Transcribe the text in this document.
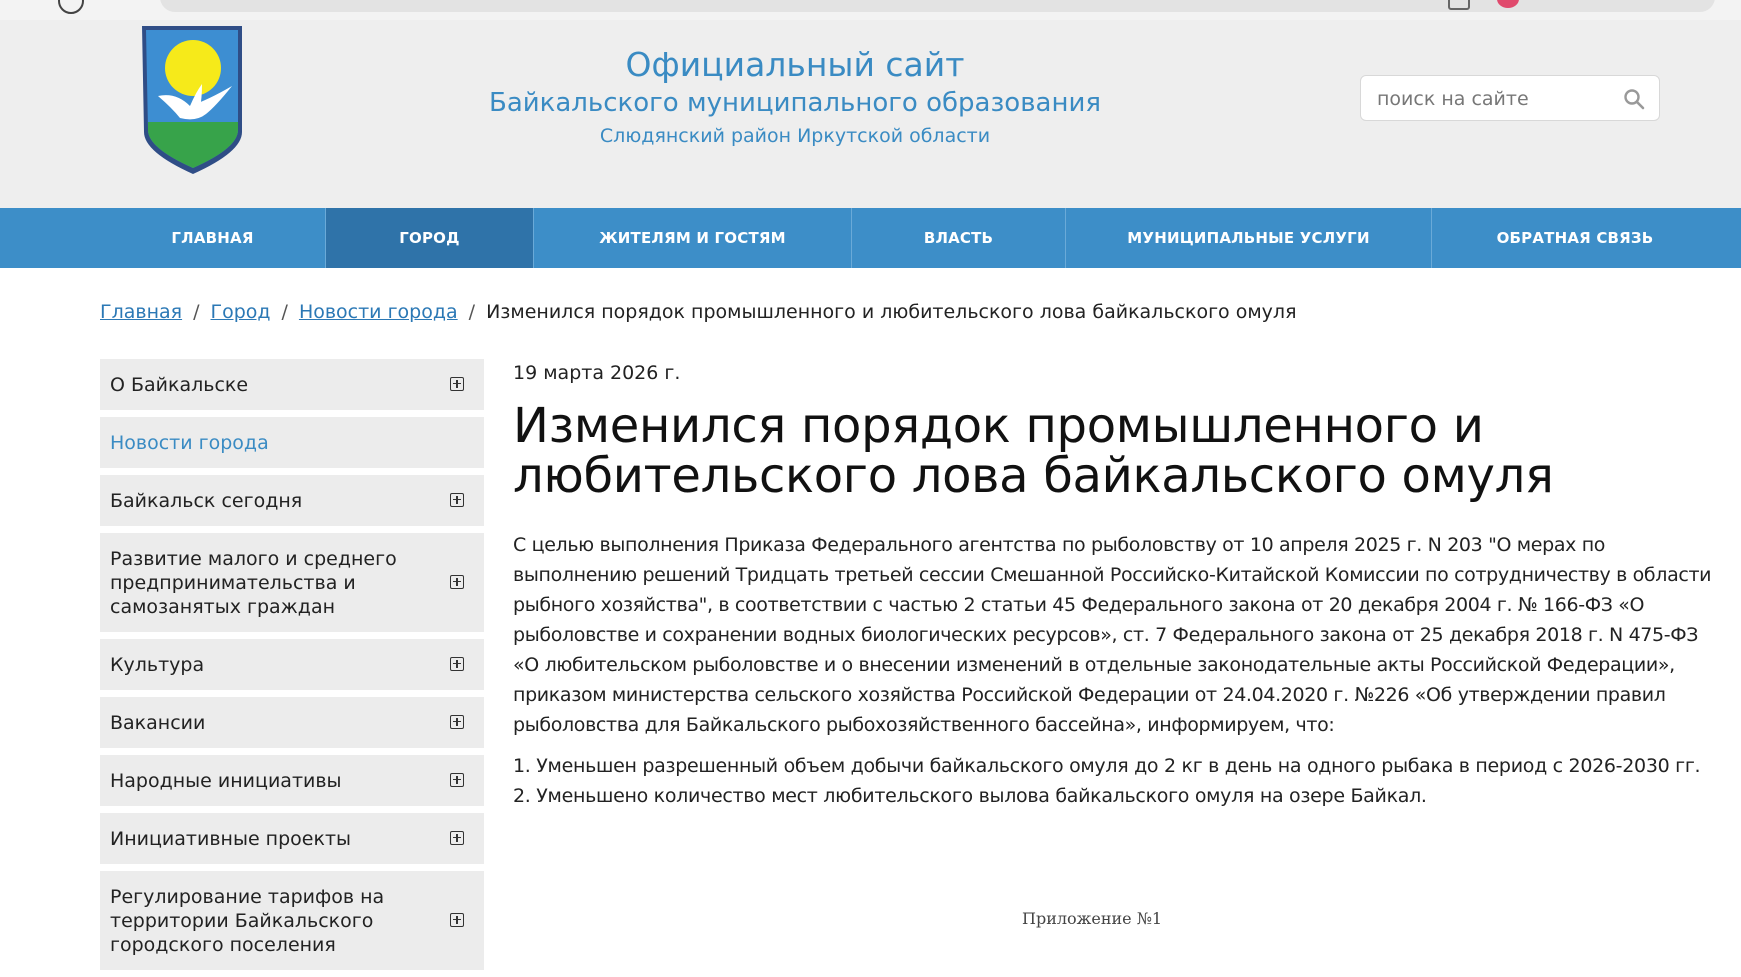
Официальный сайт
Байкальского муниципального образования
Слюдянский район Иркутской области
поиск на сайте
ГЛАВНАЯ	ГОРОД	ЖИТЕЛЯМ И ГОСТЯМ	ВЛАСТЬ	МУНИЦИПАЛЬНЫЕ УСЛУГИ	ОБРАТНАЯ СВЯЗЬ
Главная / Город / Новости города / Изменился порядок промышленного и любительского лова байкальского омуля
О Байкальске
Новости города
Байкальск сегодня
Развитие малого и среднего предпринимательства и самозанятых граждан
Культура
Вакансии
Народные инициативы
Инициативные проекты
Регулирование тарифов на территории Байкальского городского поселения
19 марта 2026 г.
Изменился порядок промышленного и любительского лова байкальского омуля
С целью выполнения Приказа Федерального агентства по рыболовству от 10 апреля 2025 г. N 203 "О мерах по выполнению решений Тридцать третьей сессии Смешанной Российско-Китайской Комиссии по сотрудничеству в области рыбного хозяйства", в соответствии с частью 2 статьи 45 Федерального закона от 20 декабря 2004 г. № 166-ФЗ «О рыболовстве и сохранении водных биологических ресурсов», ст. 7 Федерального закона от 25 декабря 2018 г. N 475-ФЗ «О любительском рыболовстве и о внесении изменений в отдельные законодательные акты Российской Федерации», приказом министерства сельского хозяйства Российской Федерации от 24.04.2020 г. №226 «Об утверждении правил рыболовства для Байкальского рыбохозяйственного бассейна», информируем, что:
1. Уменьшен разрешенный объем добычи байкальского омуля до 2 кг в день на одного рыбака в период с 2026-2030 гг.
2. Уменьшено количество мест любительского вылова байкальского омуля на озере Байкал.
Приложение №1
